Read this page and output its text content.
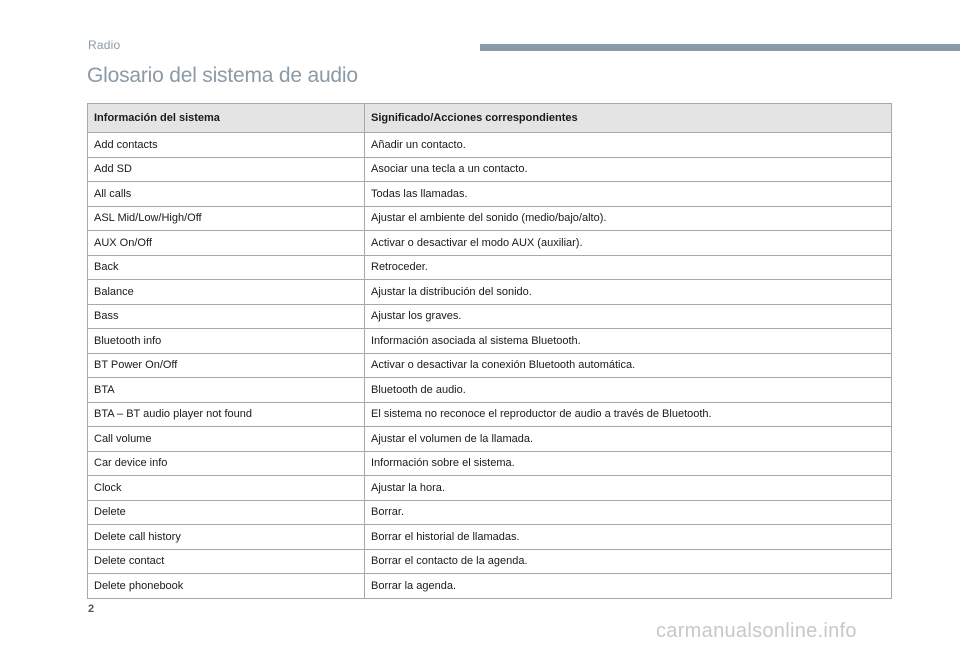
Radio
Glosario del sistema de audio
Información del sistema	Significado/Acciones correspondientes
Add contacts	Añadir un contacto.
Add SD	Asociar una tecla a un contacto.
All calls	Todas las llamadas.
ASL Mid/Low/High/Off	Ajustar el ambiente del sonido (medio/bajo/alto).
AUX On/Off	Activar o desactivar el modo AUX (auxiliar).
Back	Retroceder.
Balance	Ajustar la distribución del sonido.
Bass	Ajustar los graves.
Bluetooth info	Información asociada al sistema Bluetooth.
BT Power On/Off	Activar o desactivar la conexión Bluetooth automática.
BTA	Bluetooth de audio.
BTA – BT audio player not found	El sistema no reconoce el reproductor de audio a través de Bluetooth.
Call volume	Ajustar el volumen de la llamada.
Car device info	Información sobre el sistema.
Clock	Ajustar la hora.
Delete	Borrar.
Delete call history	Borrar el historial de llamadas.
Delete contact	Borrar el contacto de la agenda.
Delete phonebook	Borrar la agenda.
2
carmanualsonline.info
